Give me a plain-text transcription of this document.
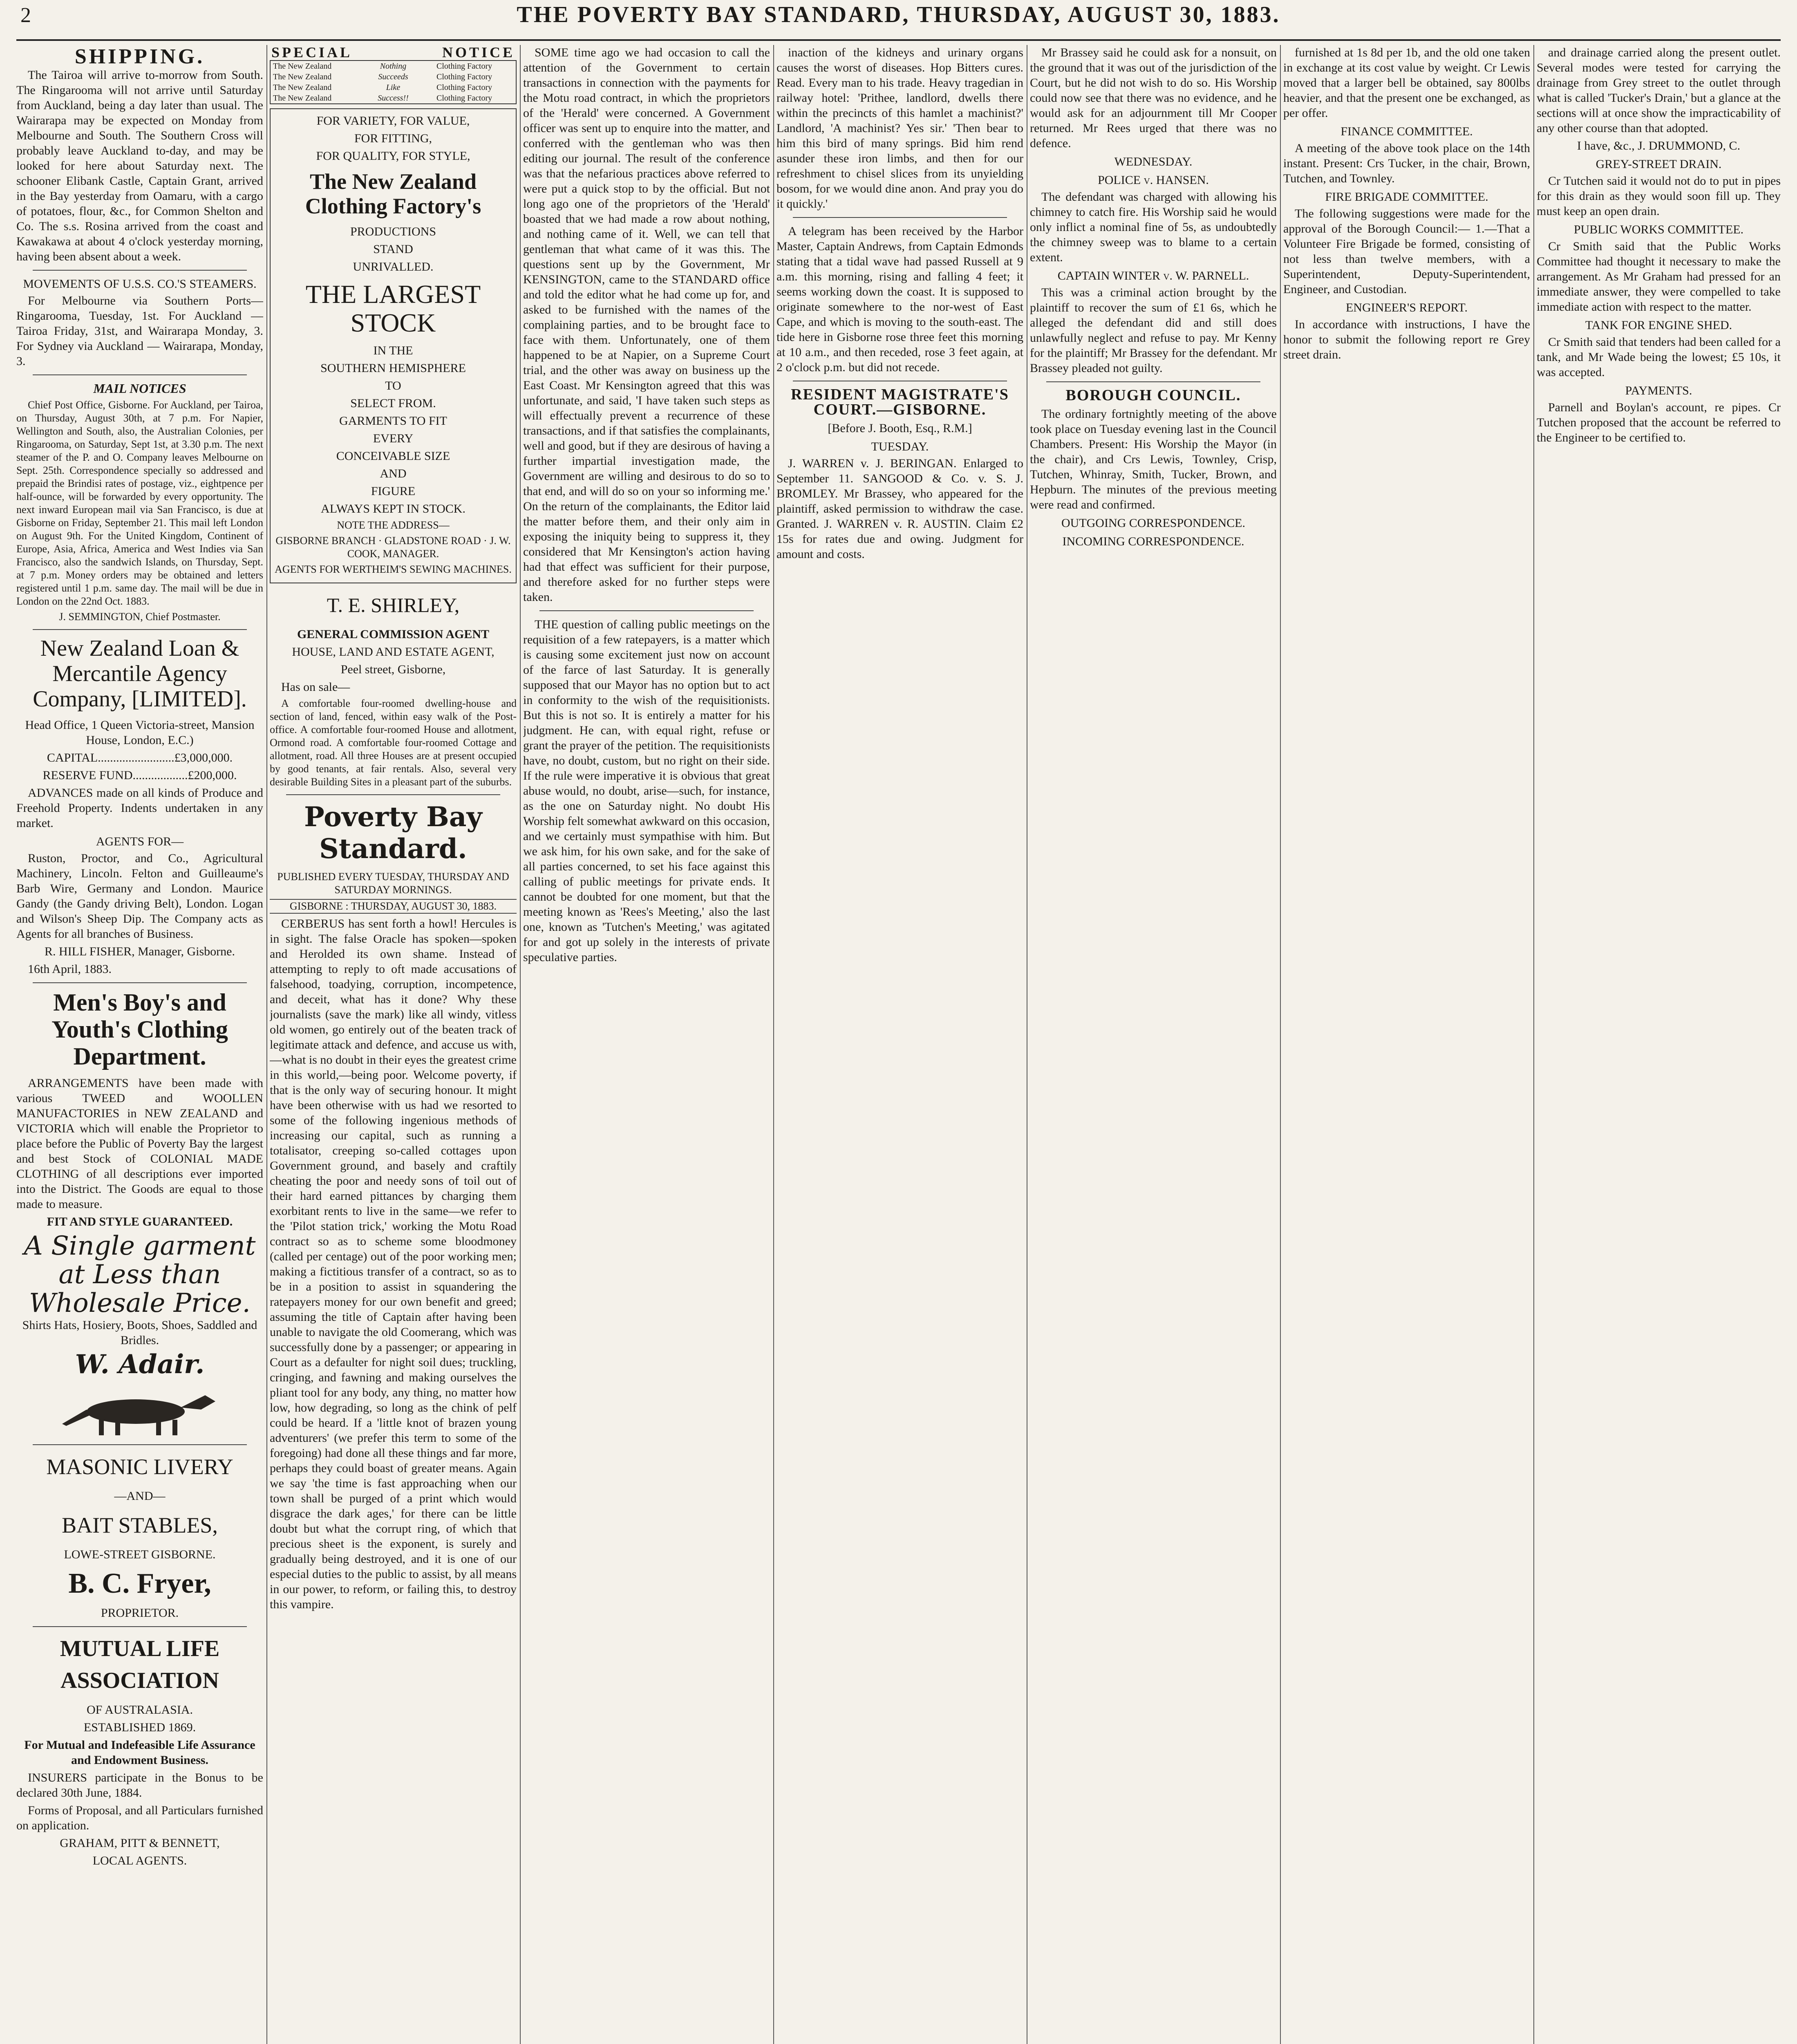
2	THE POVERTY BAY STANDARD, THURSDAY, AUGUST 30, 1883.
SHIPPING.

The Tairoa will arrive to-morrow from South. The Ringarooma will not arrive until Saturday from Auckland, being a day later than usual. The Wairarapa may be expected on Monday from Melbourne and South. The Southern Cross will probably leave Auckland to-day, and may be looked for here about Saturday next. The schooner Elibank Castle, Captain Grant, arrived in the Bay yesterday from Oamaru, with a cargo of potatoes, flour, &c., for Common Shelton and Co. The s.s. Rosina arrived from the coast and Kawakawa at about 4 o'clock yesterday morning, having been absent about a week.

MOVEMENTS OF U.S.S. CO.'S STEAMERS.

For Melbourne via Southern Ports—Ringarooma, Tuesday, 1st. For Auckland — Tairoa Friday, 31st, and Wairarapa Monday, 3. For Sydney via Auckland — Wairarapa, Monday, 3.

MAIL NOTICES

Chief Post Office, Gisborne. For Auckland, per Tairoa, on Thursday, August 30th, at 7 p.m. For Napier, Wellington and South, also, the Australian Colonies, per Ringarooma, on Saturday, Sept 1st, at 3.30 p.m. The next steamer of the P. and O. Company leaves Melbourne on Sept. 25th. Correspondence specially so addressed and prepaid the Brindisi rates of postage, viz., eightpence per half-ounce, will be forwarded by every opportunity. The next inward European mail via San Francisco, is due at Gisborne on Friday, September 21. This mail left London on August 9th. For the United Kingdom, Continent of Europe, Asia, Africa, America and West Indies via San Francisco, also the sandwich Islands, on Thursday, Sept. at 7 p.m. Money orders may be obtained and letters registered until 1 p.m. same day. The mail will be due in London on the 22nd Oct. 1883.

J. SEMMINGTON, Chief Postmaster.

New Zealand Loan & Mercantile Agency Company, [LIMITED].

Head Office, 1 Queen Victoria-street, Mansion House, London, E.C.)

CAPITAL.........................£3,000,000.

RESERVE FUND..................£200,000.

ADVANCES made on all kinds of Produce and Freehold Property. Indents undertaken in any market.

AGENTS FOR—

Ruston, Proctor, and Co., Agricultural Machinery, Lincoln. Felton and Guilleaume's Barb Wire, Germany and London. Maurice Gandy (the Gandy driving Belt), London. Logan and Wilson's Sheep Dip. The Company acts as Agents for all branches of Business.

R. HILL FISHER, Manager, Gisborne.

16th April, 1883.

Men's Boy's and Youth's Clothing Department.

ARRANGEMENTS have been made with various TWEED and WOOLLEN MANUFACTORIES in NEW ZEALAND and VICTORIA which will enable the Proprietor to place before the Public of Poverty Bay the largest and best Stock of COLONIAL MADE CLOTHING of all descriptions ever imported into the District. The Goods are equal to those made to measure.

FIT AND STYLE GUARANTEED.

A Single garment at Less than Wholesale Price.

Shirts Hats, Hosiery, Boots, Shoes, Saddled and Bridles.

W. Adair.
MASONIC LIVERY

—AND—

BAIT STABLES,

LOWE-STREET GISBORNE.

B. C. Fryer,

PROPRIETOR.

MUTUAL LIFE ASSOCIATION

OF AUSTRALASIA.

ESTABLISHED 1869.

For Mutual and Indefeasible Life Assurance and Endowment Business.

INSURERS participate in the Bonus to be declared 30th June, 1884.

Forms of Proposal, and all Particulars furnished on application.

GRAHAM, PITT & BENNETT,

LOCAL AGENTS.

SPECIAL	NOTICE
The New Zealand	Nothing	Clothing Factory
The New Zealand	Succeeds	Clothing Factory
The New Zealand	Like	Clothing Factory
The New Zealand	Success!!	Clothing Factory

FOR VARIETY, FOR VALUE,

FOR FITTING,

FOR QUALITY, FOR STYLE,

The New Zealand Clothing Factory's

PRODUCTIONS

STAND

UNRIVALLED.

THE LARGEST STOCK

IN THE

SOUTHERN HEMISPHERE

TO

SELECT FROM.

GARMENTS TO FIT

EVERY

CONCEIVABLE SIZE

AND

FIGURE

ALWAYS KEPT IN STOCK.

NOTE THE ADDRESS—

GISBORNE BRANCH · GLADSTONE ROAD · J. W. COOK, MANAGER.

AGENTS FOR WERTHEIM'S SEWING MACHINES.

T. E. SHIRLEY,

GENERAL COMMISSION AGENT

HOUSE, LAND AND ESTATE AGENT,

Peel street, Gisborne,

Has on sale—

A comfortable four-roomed dwelling-house and section of land, fenced, within easy walk of the Post-office. A comfortable four-roomed House and allotment, Ormond road. A comfortable four-roomed Cottage and allotment, road. All three Houses are at present occupied by good tenants, at fair rentals. Also, several very desirable Building Sites in a pleasant part of the suburbs.

Poverty Bay Standard.

PUBLISHED EVERY TUESDAY, THURSDAY AND SATURDAY MORNINGS.

GISBORNE : THURSDAY, AUGUST 30, 1883.

CERBERUS has sent forth a howl! Hercules is in sight. The false Oracle has spoken—spoken and Herolded its own shame. Instead of attempting to reply to oft made accusations of falsehood, toadying, corruption, incompetence, and deceit, what has it done? Why these journalists (save the mark) like all windy, vitless old women, go entirely out of the beaten track of legitimate attack and defence, and accuse us with,—what is no doubt in their eyes the greatest crime in this world,—being poor. Welcome poverty, if that is the only way of securing honour. It might have been otherwise with us had we resorted to some of the following ingenious methods of increasing our capital, such as running a totalisator, creeping so-called cottages upon Government ground, and basely and craftily cheating the poor and needy sons of toil out of their hard earned pittances by charging them exorbitant rents to live in the same—we refer to the 'Pilot station trick,' working the Motu Road contract so as to scheme some bloodmoney (called per centage) out of the poor working men; making a fictitious transfer of a contract, so as to be in a position to assist in squandering the ratepayers money for our own benefit and greed; assuming the title of Captain after having been unable to navigate the old Coomerang, which was successfully done by a passenger; or appearing in Court as a defaulter for night soil dues; truckling, cringing, and fawning and making ourselves the pliant tool for any body, any thing, no matter how low, how degrading, so long as the chink of pelf could be heard. If a 'little knot of brazen young adventurers' (we prefer this term to some of the foregoing) had done all these things and far more, perhaps they could boast of greater means. Again we say 'the time is fast approaching when our town shall be purged of a print which would disgrace the dark ages,' for there can be little doubt but what the corrupt ring, of which that precious sheet is the exponent, is surely and gradually being destroyed, and it is one of our especial duties to the public to assist, by all means in our power, to reform, or failing this, to destroy this vampire.

SOME time ago we had occasion to call the attention of the Government to certain transactions in connection with the payments for the Motu road contract, in which the proprietors of the 'Herald' were concerned. A Government officer was sent up to enquire into the matter, and conferred with the gentleman who was then editing our journal. The result of the conference was that the nefarious practices above referred to were put a quick stop to by the official. But not long ago one of the proprietors of the 'Herald' boasted that we had made a row about nothing, and nothing came of it. Well, we can tell that gentleman that what came of it was this. The questions sent up by the Government, Mr KENSINGTON, came to the STANDARD office and told the editor what he had come up for, and asked to be furnished with the names of the complaining parties, and to be brought face to face with them. Unfortunately, one of them happened to be at Napier, on a Supreme Court trial, and the other was away on business up the East Coast. Mr Kensington agreed that this was unfortunate, and said, 'I have taken such steps as will effectually prevent a recurrence of these transactions, and if that satisfies the complainants, well and good, but if they are desirous of having a further impartial investigation made, the Government are willing and desirous to do so to that end, and will do so on your so informing me.' On the return of the complainants, the Editor laid the matter before them, and their only aim in exposing the iniquity being to suppress it, they considered that Mr Kensington's action having had that effect was sufficient for their purpose, and therefore asked for no further steps were taken.

THE question of calling public meetings on the requisition of a few ratepayers, is a matter which is causing some excitement just now on account of the farce of last Saturday. It is generally supposed that our Mayor has no option but to act in conformity to the wish of the requisitionists. But this is not so. It is entirely a matter for his judgment. He can, with equal right, refuse or grant the prayer of the petition. The requisitionists have, no doubt, custom, but no right on their side. If the rule were imperative it is obvious that great abuse would, no doubt, arise—such, for instance, as the one on Saturday night. No doubt His Worship felt somewhat awkward on this occasion, and we certainly must sympathise with him. But we ask him, for his own sake, and for the sake of all parties concerned, to set his face against this calling of public meetings for private ends. It cannot be doubted for one moment, but that the meeting known as 'Rees's Meeting,' also the last one, known as 'Tutchen's Meeting,' was agitated for and got up solely in the interests of private speculative parties.

inaction of the kidneys and urinary organs causes the worst of diseases. Hop Bitters cures. Read. Every man to his trade. Heavy tragedian in railway hotel: 'Prithee, landlord, dwells there within the precincts of this hamlet a machinist?' Landlord, 'A machinist? Yes sir.' 'Then bear to him this bird of many springs. Bid him rend asunder these iron limbs, and then for our refreshment to chisel slices from its unyielding bosom, for we would dine anon. And pray you do it quickly.'

A telegram has been received by the Harbor Master, Captain Andrews, from Captain Edmonds stating that a tidal wave had passed Russell at 9 a.m. this morning, rising and falling 4 feet; it seems working down the coast. It is supposed to originate somewhere to the nor-west of East Cape, and which is moving to the south-east. The tide here in Gisborne rose three feet this morning at 10 a.m., and then receded, rose 3 feet again, at 2 o'clock p.m. but did not recede.

RESIDENT MAGISTRATE'S COURT.—GISBORNE.

[Before J. Booth, Esq., R.M.]

TUESDAY.

J. WARREN v. J. BERINGAN. Enlarged to September 11. SANGOOD & Co. v. S. J. BROMLEY. Mr Brassey, who appeared for the plaintiff, asked permission to withdraw the case. Granted. J. WARREN v. R. AUSTIN. Claim £2 15s for rates due and owing. Judgment for amount and costs.

Mr Brassey said he could ask for a nonsuit, on the ground that it was out of the jurisdiction of the Court, but he did not wish to do so. His Worship could now see that there was no evidence, and he would ask for an adjournment till Mr Cooper returned. Mr Rees urged that there was no defence.

WEDNESDAY.
POLICE v. HANSEN.

The defendant was charged with allowing his chimney to catch fire. His Worship said he would only inflict a nominal fine of 5s, as undoubtedly the chimney sweep was to blame to a certain extent.

CAPTAIN WINTER v. W. PARNELL.

This was a criminal action brought by the plaintiff to recover the sum of £1 6s, which he alleged the defendant did and still does unlawfully neglect and refuse to pay. Mr Kenny for the plaintiff; Mr Brassey for the defendant. Mr Brassey pleaded not guilty.

BOROUGH COUNCIL.

The ordinary fortnightly meeting of the above took place on Tuesday evening last in the Council Chambers. Present: His Worship the Mayor (in the chair), and Crs Lewis, Townley, Crisp, Tutchen, Whinray, Smith, Tucker, Brown, and Hepburn. The minutes of the previous meeting were read and confirmed.

OUTGOING CORRESPONDENCE.
INCOMING CORRESPONDENCE.

furnished at 1s 8d per 1b, and the old one taken in exchange at its cost value by weight. Cr Lewis moved that a larger bell be obtained, say 800lbs heavier, and that the present one be exchanged, as per offer.

FINANCE COMMITTEE.

A meeting of the above took place on the 14th instant. Present: Crs Tucker, in the chair, Brown, Tutchen, and Townley.

FIRE BRIGADE COMMITTEE.

The following suggestions were made for the approval of the Borough Council:— 1.—That a Volunteer Fire Brigade be formed, consisting of not less than twelve members, with a Superintendent, Deputy-Superintendent, Engineer, and Custodian.

ENGINEER'S REPORT.

In accordance with instructions, I have the honor to submit the following report re Grey street drain.

and drainage carried along the present outlet. Several modes were tested for carrying the drainage from Grey street to the outlet through what is called 'Tucker's Drain,' but a glance at the sections will at once show the impracticability of any other course than that adopted.

I have, &c., J. DRUMMOND, C.

GREY-STREET DRAIN.

Cr Tutchen said it would not do to put in pipes for this drain as they would soon fill up. They must keep an open drain.

PUBLIC WORKS COMMITTEE.

Cr Smith said that the Public Works Committee had thought it necessary to make the arrangement. As Mr Graham had pressed for an immediate answer, they were compelled to take immediate action with respect to the matter.

TANK FOR ENGINE SHED.

Cr Smith said that tenders had been called for a tank, and Mr Wade being the lowest; £5 10s, it was accepted.

PAYMENTS.

Parnell and Boylan's account, re pipes. Cr Tutchen proposed that the account be referred to the Engineer to be certified to.
